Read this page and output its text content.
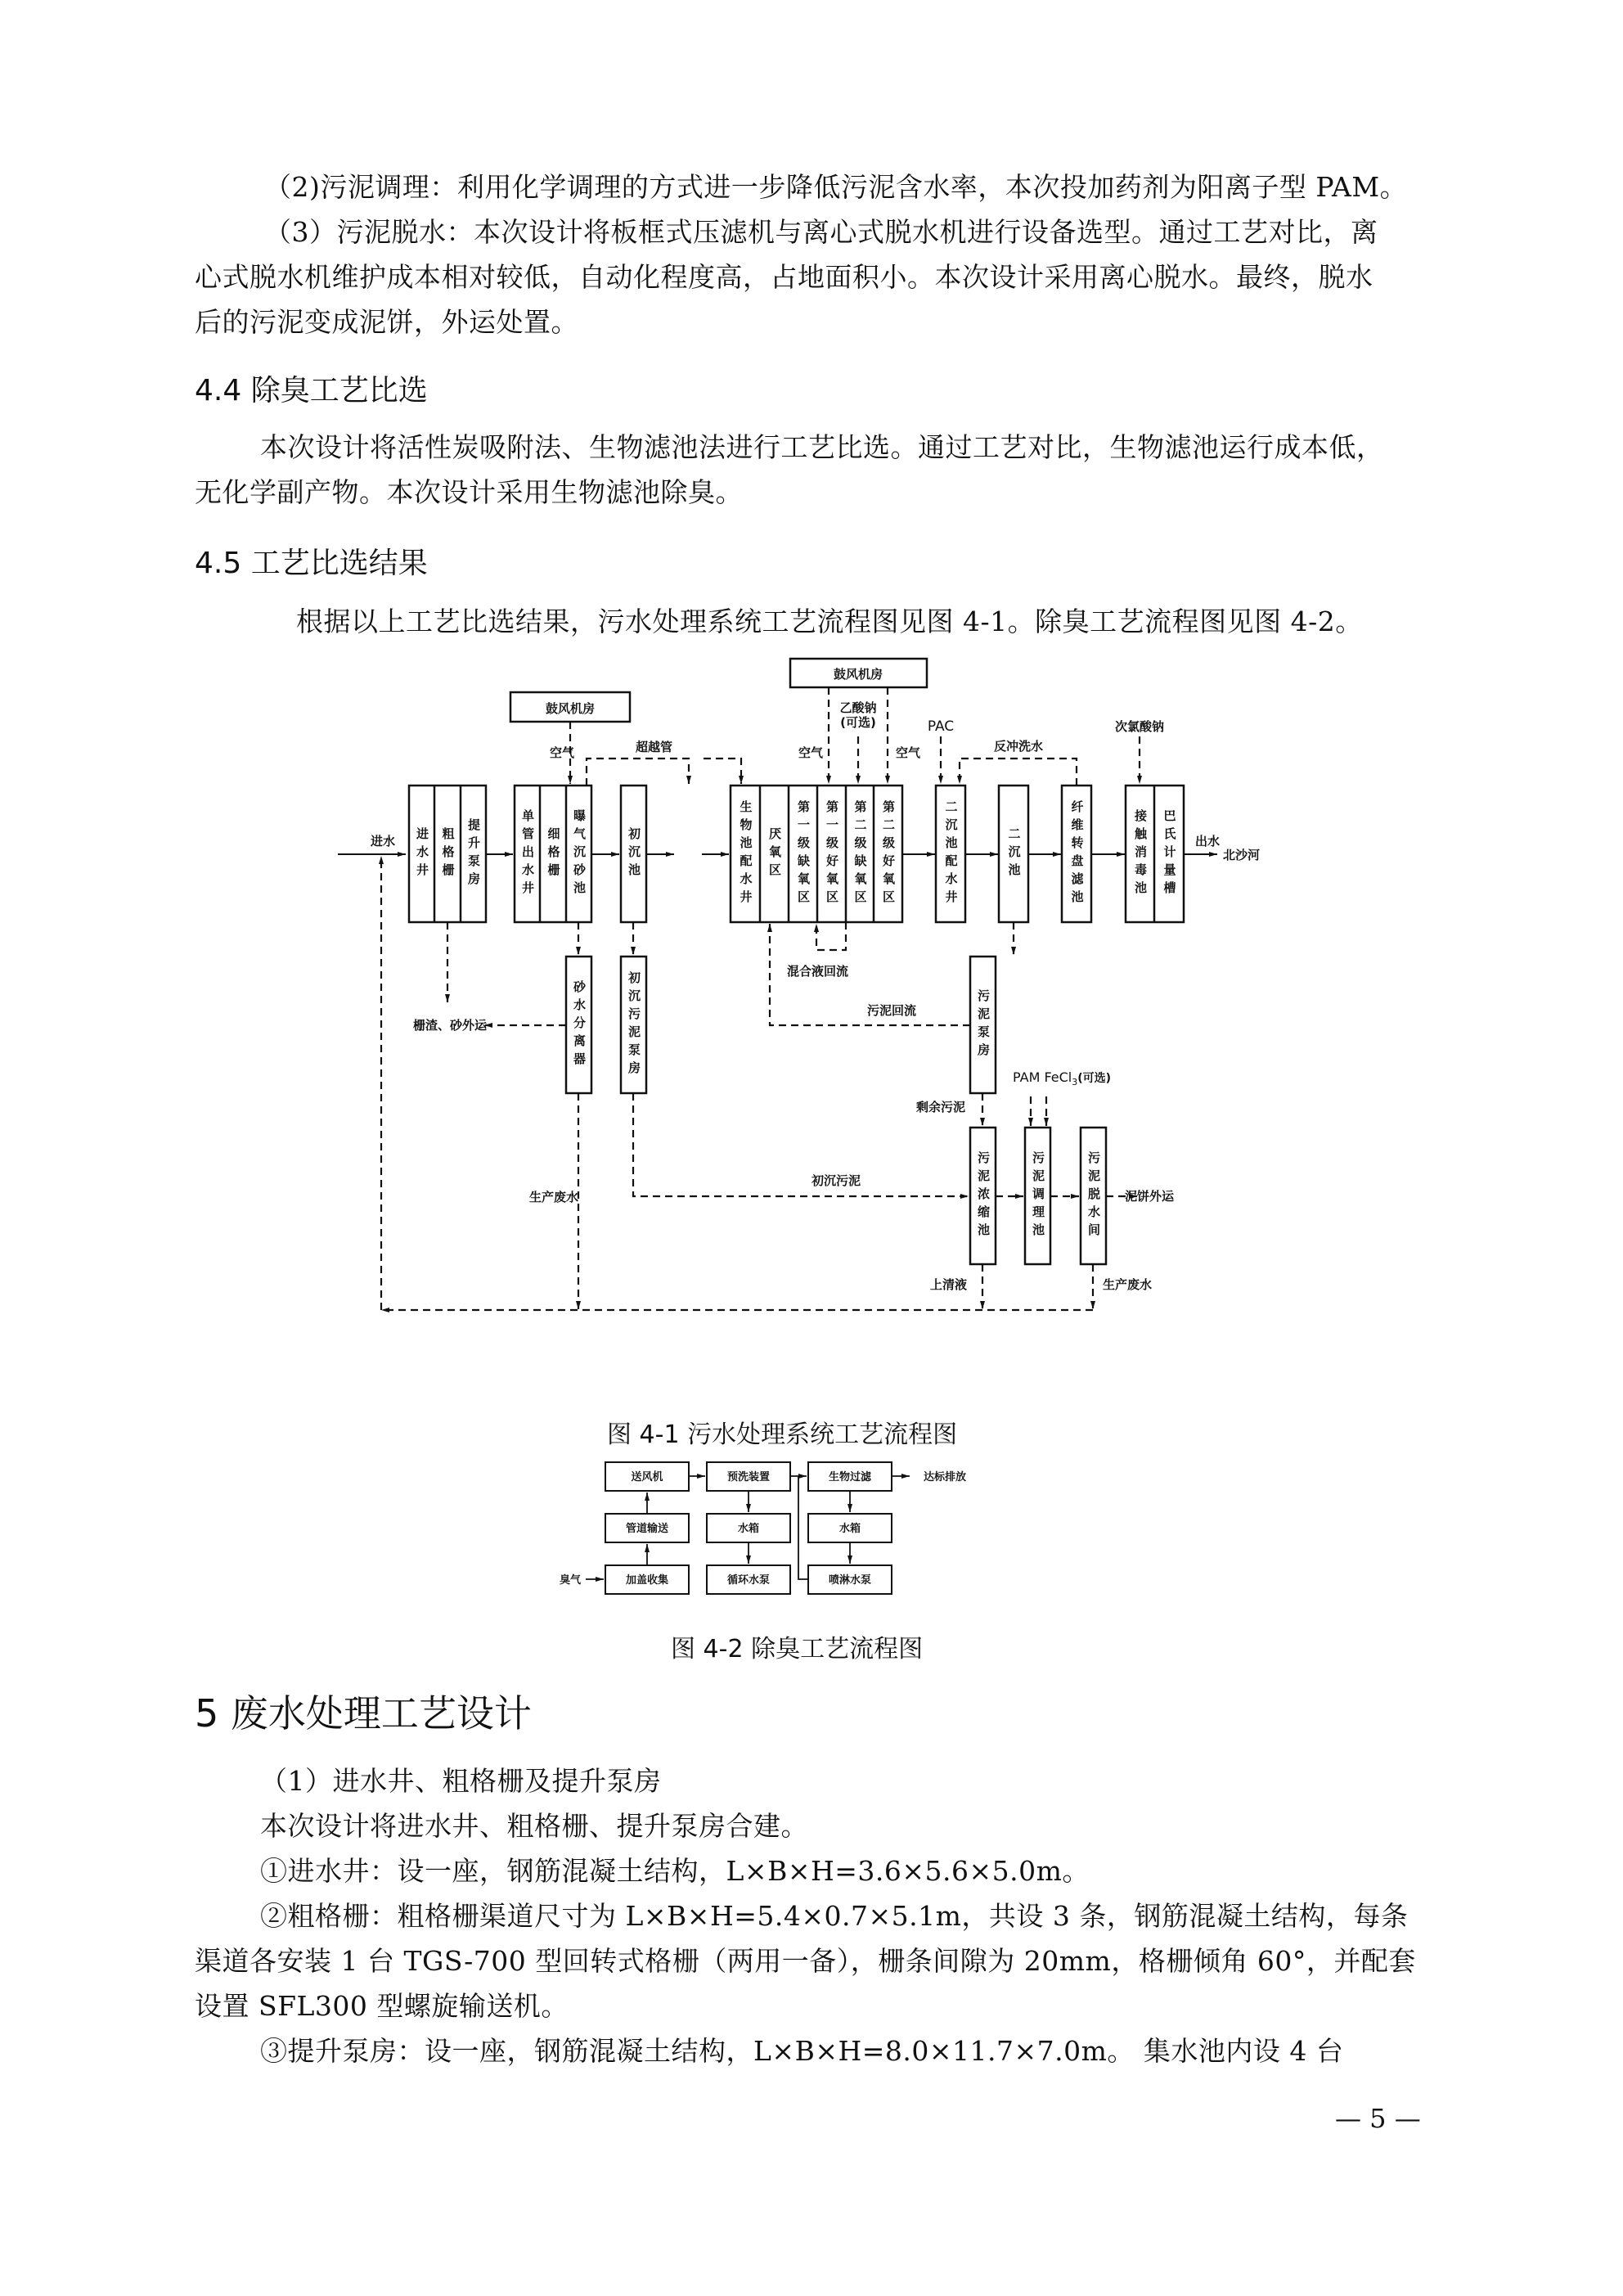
（2)污泥调理：利用化学调理的方式进一步降低污泥含水率，本次投加药剂为阳离子型 PAM。
（3）污泥脱水：本次设计将板框式压滤机与离心式脱水机进行设备选型。通过工艺对比，离
心式脱水机维护成本相对较低，自动化程度高，占地面积小。本次设计采用离心脱水。最终，脱水
后的污泥变成泥饼，外运处置。
4.4 除臭工艺比选
本次设计将活性炭吸附法、生物滤池法进行工艺比选。通过工艺对比，生物滤池运行成本低，
无化学副产物。本次设计采用生物滤池除臭。
4.5 工艺比选结果
根据以上工艺比选结果，污水处理系统工艺流程图见图 4-1。除臭工艺流程图见图 4-2。
进水
鼓风机房
鼓风机房
空气	超越管	空气	空气
乙酸钠
(可选)	PAC
反冲洗水
次氯酸钠
出水
北沙河
混合液回流
污泥回流
栅渣、砂外运
剩余污泥
初沉污泥
泥饼外运
生产废水
生产废水
上清液
PAM FeCl$_3$(可选)
进水井 粗格栅 提升泵房	单管出水井 细格栅 曝气沉砂池	初沉池	生物池配水井 厌氧区 第一级缺氧区 第一级好氧区 第二级缺氧区 第二级好氧区	二沉池配水井	二沉池	纤维转盘滤池	接触消毒池 巴氏计量槽
砂水分离器	初沉污泥泵房	污泥泵房
污泥浓缩池	污泥调理池	污泥脱水间
图 4-1 污水处理系统工艺流程图
送风机
管道输送
加盖收集
预洗装置
水箱
循环水泵
生物过滤
水箱
喷淋水泵
臭气
达标排放
图 4-2 除臭工艺流程图
5 废水处理工艺设计
（1）进水井、粗格栅及提升泵房
本次设计将进水井、粗格栅、提升泵房合建。
①进水井：设一座，钢筋混凝土结构，L×B×H=3.6×5.6×5.0m。
②粗格栅：粗格栅渠道尺寸为 L×B×H=5.4×0.7×5.1m，共设 3 条，钢筋混凝土结构，每条
渠道各安装 1 台 TGS-700 型回转式格栅（两用一备），栅条间隙为 20mm，格栅倾角 60°，并配套
设置 SFL300 型螺旋输送机。
③提升泵房：设一座，钢筋混凝土结构，L×B×H=8.0×11.7×7.0m。 集水池内设 4 台
— 5 —
